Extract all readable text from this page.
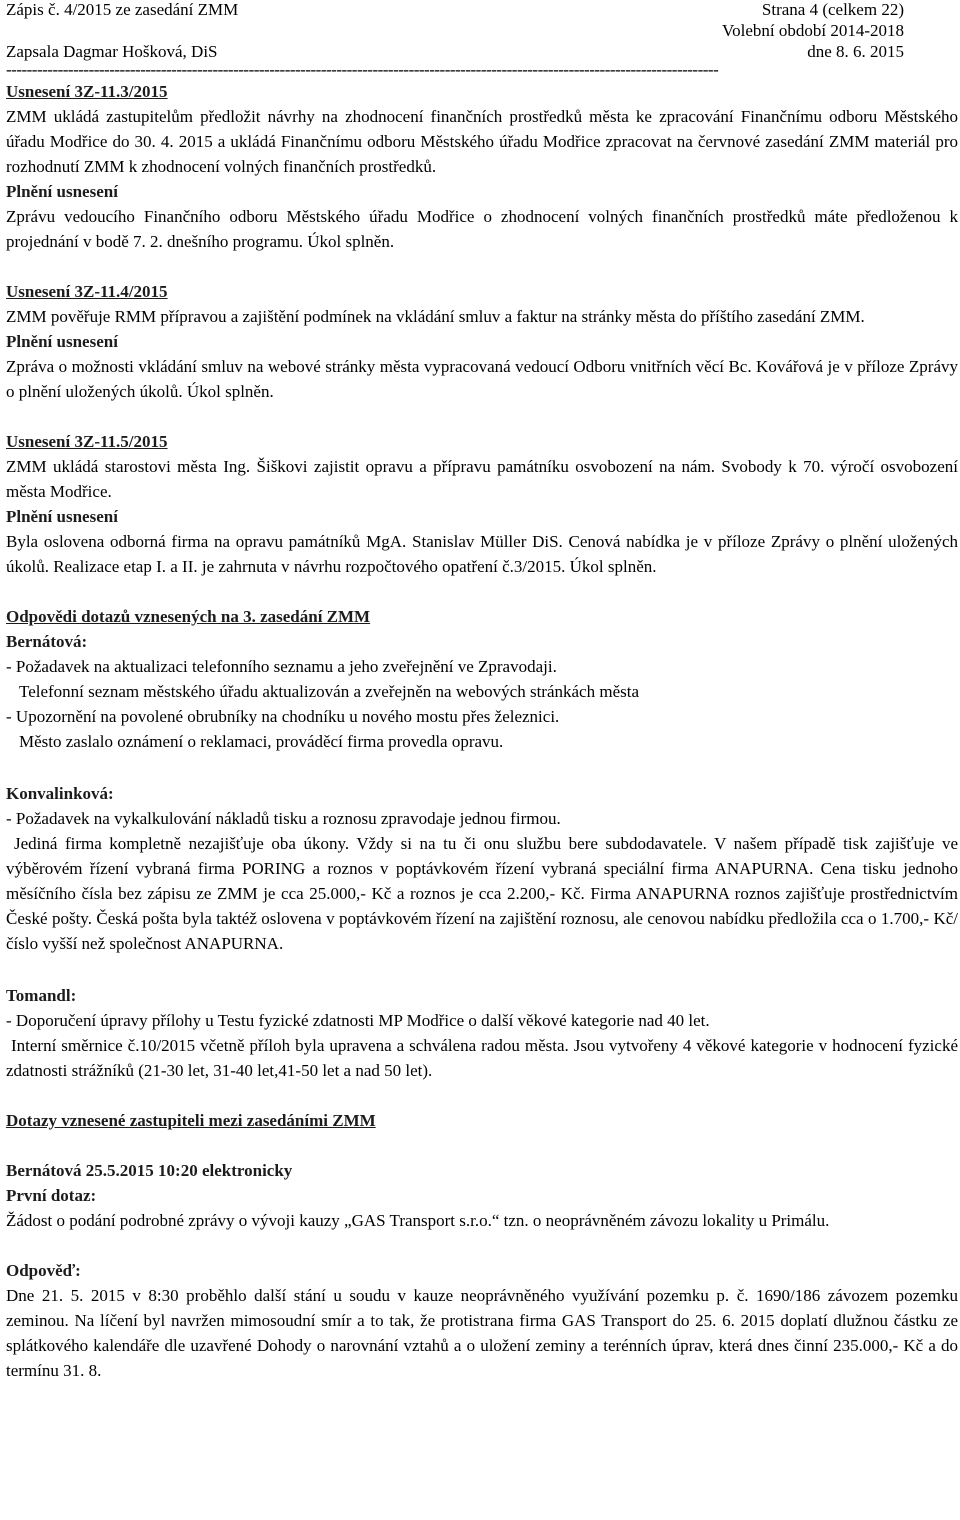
Zápis č. 4/2015 ze zasedání ZMM	Strana 4 (celkem 22)
Volební období 2014-2018
Zapsala Dagmar Hošková, DiS	dne 8. 6. 2015
------------------------------------------------------------------------------------------------------------------------------------------

Usnesení 3Z-11.3/2015

ZMM ukládá zastupitelům předložit návrhy na zhodnocení finančních prostředků města ke zpracování Finančnímu odboru Městského úřadu Modřice do 30. 4. 2015 a ukládá Finančnímu odboru Městského úřadu Modřice zpracovat na červnové zasedání ZMM materiál pro rozhodnutí ZMM k zhodnocení volných finančních prostředků.

Plnění usnesení

Zprávu vedoucího Finančního odboru Městského úřadu Modřice o zhodnocení volných finančních prostředků máte předloženou k projednání v bodě 7. 2. dnešního programu. Úkol splněn.

Usnesení 3Z-11.4/2015

ZMM pověřuje RMM přípravou a zajištění podmínek na vkládání smluv a faktur na stránky města do příštího zasedání ZMM.

Plnění usnesení

Zpráva o možnosti vkládání smluv na webové stránky města vypracovaná vedoucí Odboru vnitřních věcí Bc. Kovářová je v příloze Zprávy o plnění uložených úkolů. Úkol splněn.

Usnesení 3Z-11.5/2015

ZMM ukládá starostovi města Ing. Šiškovi zajistit opravu a přípravu památníku osvobození na nám. Svobody k 70. výročí osvobození města Modřice.

Plnění usnesení

Byla oslovena odborná firma na opravu památníků MgA. Stanislav Müller DiS. Cenová nabídka je v příloze Zprávy o plnění uložených úkolů. Realizace etap I. a II. je zahrnuta v návrhu rozpočtového opatření č.3/2015. Úkol splněn.

Odpovědi dotazů vznesených na 3. zasedání ZMM

Bernátová:

- Požadavek na aktualizaci telefonního seznamu a jeho zveřejnění ve Zpravodaji.

Telefonní seznam městského úřadu aktualizován a zveřejněn na webových stránkách města

- Upozornění na povolené obrubníky na chodníku u nového mostu přes železnici.

Město zaslalo oznámení o reklamaci, prováděcí firma provedla opravu.

Konvalinková:

- Požadavek na vykalkulování nákladů tisku a roznosu zpravodaje jednou firmou.

Jediná firma kompletně nezajišťuje oba úkony. Vždy si na tu či onu službu bere subdodavatele. V našem případě tisk zajišťuje ve výběrovém řízení vybraná firma PORING a roznos v poptávkovém řízení vybraná speciální firma ANAPURNA. Cena tisku jednoho měsíčního čísla bez zápisu ze ZMM je cca 25.000,- Kč a roznos je cca 2.200,- Kč. Firma ANAPURNA roznos zajišťuje prostřednictvím České pošty. Česká pošta byla taktéž oslovena v poptávkovém řízení na zajištění roznosu, ale cenovou nabídku předložila cca o 1.700,- Kč/číslo vyšší než společnost ANAPURNA.

Tomandl:

- Doporučení úpravy přílohy u Testu fyzické zdatnosti MP Modřice o další věkové kategorie nad 40 let.

Interní směrnice č.10/2015 včetně příloh byla upravena a schválena radou města. Jsou vytvořeny 4 věkové kategorie v hodnocení fyzické zdatnosti strážníků (21-30 let, 31-40 let,41-50 let a nad 50 let).

Dotazy vznesené zastupiteli mezi zasedáními ZMM

Bernátová 25.5.2015 10:20 elektronicky

První dotaz:

Žádost o podání podrobné zprávy o vývoji kauzy „GAS Transport s.r.o.“ tzn. o neoprávněném závozu lokality u Primálu.

Odpověď:

Dne 21. 5. 2015 v 8:30 proběhlo další stání u soudu v kauze neoprávněného využívání pozemku p. č. 1690/186 závozem pozemku zeminou. Na líčení byl navržen mimosoudní smír a to tak, že protistrana firma GAS Transport do 25. 6. 2015 doplatí dlužnou částku ze splátkového kalendáře dle uzavřené Dohody o narovnání vztahů a o uložení zeminy a terénních úprav, která dnes činní 235.000,- Kč a do termínu 31. 8.
